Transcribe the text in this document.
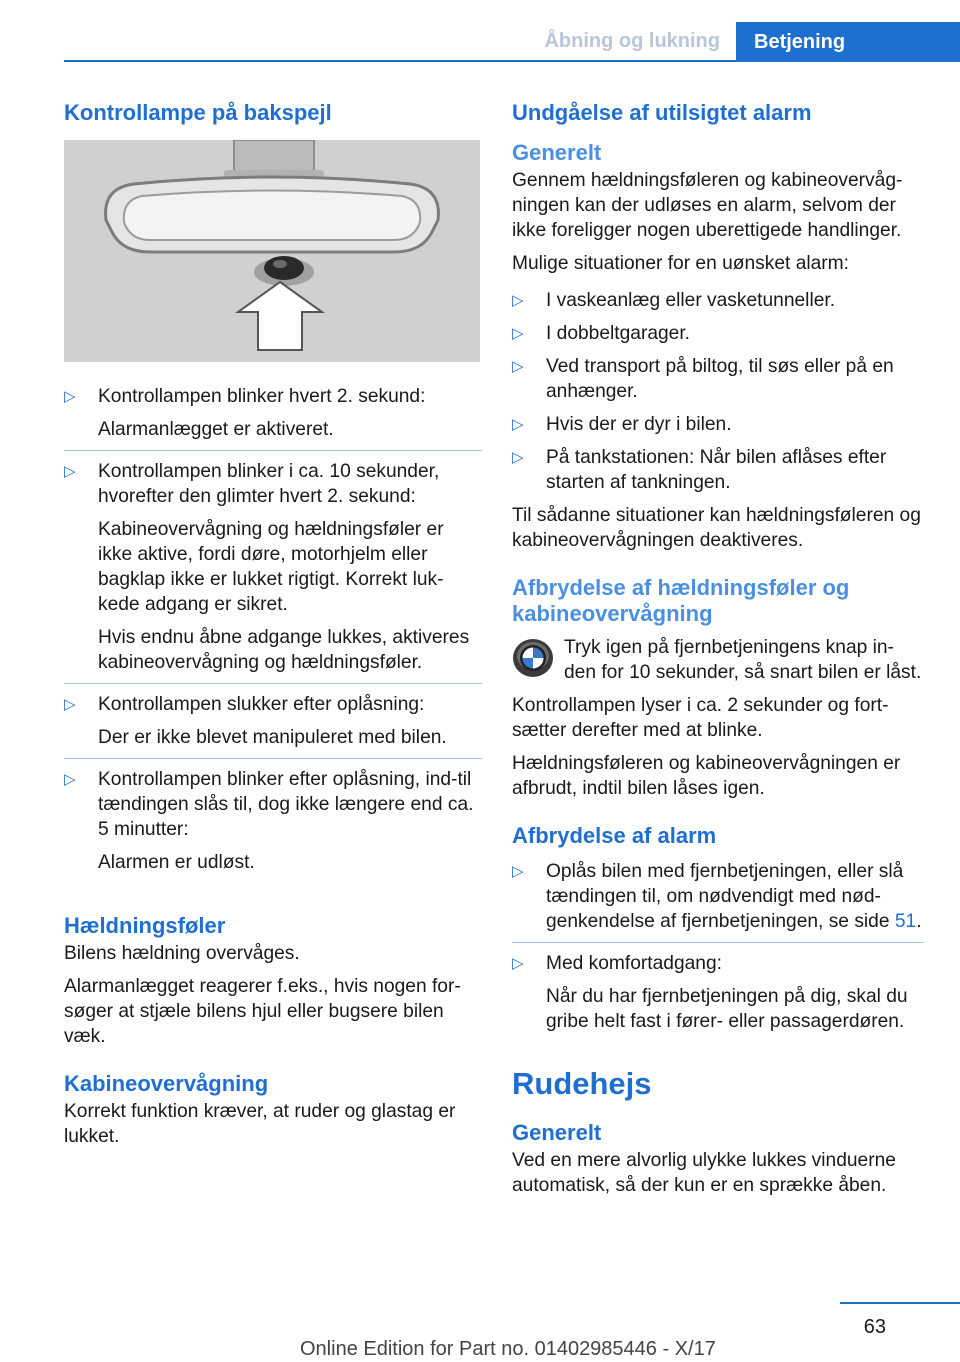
Åbning og lukning	Betjening
Kontrollampe på bakspejl
▷ Kontrollampen blinker hvert 2. sekund:

Alarmanlægget er aktiveret.

▷ Kontrollampen blinker i ca. 10 sekunder, hvorefter den glimter hvert 2. sekund:

Kabineovervågning og hældningsføler er ikke aktive, fordi døre, motorhjelm eller bagklap ikke er lukket rigtigt. Korrekt luk-kede adgang er sikret.

Hvis endnu åbne adgange lukkes, aktiveres kabineovervågning og hældningsføler.

▷ Kontrollampen slukker efter oplåsning:

Der er ikke blevet manipuleret med bilen.

▷ Kontrollampen blinker efter oplåsning, ind-til tændingen slås til, dog ikke længere end ca. 5 minutter:

Alarmen er udløst.

Hældningsføler

Bilens hældning overvåges.

Alarmanlægget reagerer f.eks., hvis nogen for-søger at stjæle bilens hjul eller bugsere bilen væk.

Kabineovervågning

Korrekt funktion kræver, at ruder og glastag er lukket.

Undgåelse af utilsigtet alarm
Generelt

Gennem hældningsføleren og kabineovervåg-ningen kan der udløses en alarm, selvom der ikke foreligger nogen uberettigede handlinger.

Mulige situationer for en uønsket alarm:

▷ I vaskeanlæg eller vasketunneller.

▷ I dobbeltgarager.

▷ Ved transport på biltog, til søs eller på en anhænger.

▷ Hvis der er dyr i bilen.

▷ På tankstationen: Når bilen aflåses efter starten af tankningen.

Til sådanne situationer kan hældningsføleren og kabineovervågningen deaktiveres.

Afbrydelse af hældningsføler og kabineovervågning

Tryk igen på fjernbetjeningens knap in-den for 10 sekunder, så snart bilen er låst.

Kontrollampen lyser i ca. 2 sekunder og fort-sætter derefter med at blinke.

Hældningsføleren og kabineovervågningen er afbrudt, indtil bilen låses igen.

Afbrydelse af alarm
▷ Oplås bilen med fjernbetjeningen, eller slå tændingen til, om nødvendigt med nød-genkendelse af fjernbetjeningen, se side 51.

▷ Med komfortadgang:

Når du har fjernbetjeningen på dig, skal du gribe helt fast i fører- eller passagerdøren.

Rudehejs
Generelt

Ved en mere alvorlig ulykke lukkes vinduerne automatisk, så der kun er en sprække åben.

63
Online Edition for Part no. 01402985446 - X/17
